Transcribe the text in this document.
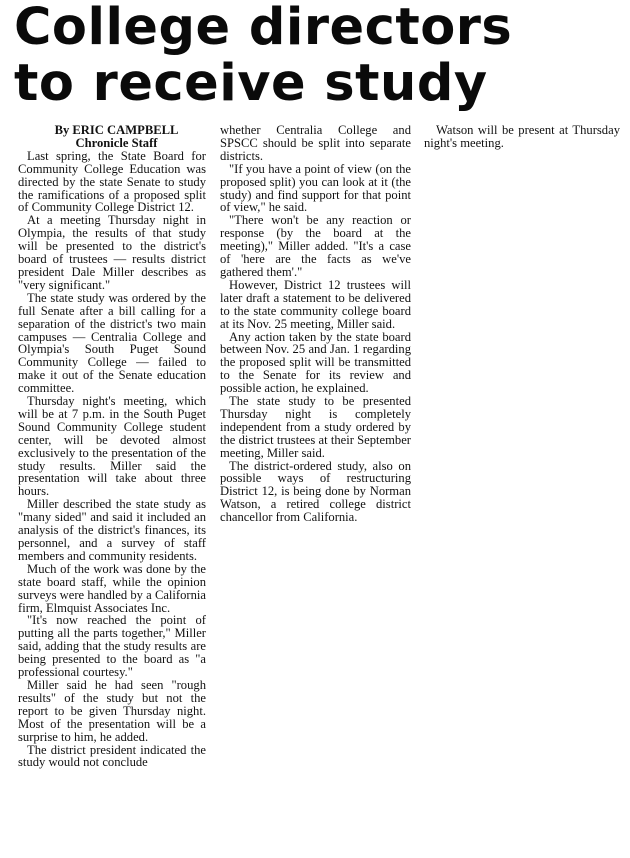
College directors
to receive study

By ERIC CAMPBELL
Chronicle Staff

Last spring, the State Board for Community College Education was directed by the state Senate to study the ramifications of a proposed split of Community College District 12.

At a meeting Thursday night in Olympia, the results of that study will be presented to the district's board of trustees — results district president Dale Miller describes as "very significant."

The state study was ordered by the full Senate after a bill calling for a separation of the district's two main campuses — Centralia College and Olympia's South Puget Sound Community College — failed to make it out of the Senate education committee.

Thursday night's meeting, which will be at 7 p.m. in the South Puget Sound Community College student center, will be devoted almost exclusively to the presentation of the study results. Miller said the presentation will take about three hours.

Miller described the state study as "many sided" and said it included an analysis of the district's finances, its personnel, and a survey of staff members and community residents.

Much of the work was done by the state board staff, while the opinion surveys were handled by a California firm, Elmquist Associates Inc.

"It's now reached the point of putting all the parts together," Miller said, adding that the study results are being presented to the board as "a professional courtesy."

Miller said he had seen "rough results" of the study but not the report to be given Thursday night. Most of the presentation will be a surprise to him, he added.

The district president indicated the study would not conclude

whether Centralia College and SPSCC should be split into separate districts.

"If you have a point of view (on the proposed split) you can look at it (the study) and find support for that point of view," he said.

"There won't be any reaction or response (by the board at the meeting)," Miller added. "It's a case of 'here are the facts as we've gathered them'."

However, District 12 trustees will later draft a statement to be delivered to the state community college board at its Nov. 25 meeting, Miller said.

Any action taken by the state board between Nov. 25 and Jan. 1 regarding the proposed split will be transmitted to the Senate for its review and possible action, he explained.

The state study to be presented Thursday night is completely independent from a study ordered by the district trustees at their September meeting, Miller said.

The district-ordered study, also on possible ways of restructuring District 12, is being done by Norman Watson, a retired college district chancellor from California.

Watson will be present at Thursday night's meeting.
